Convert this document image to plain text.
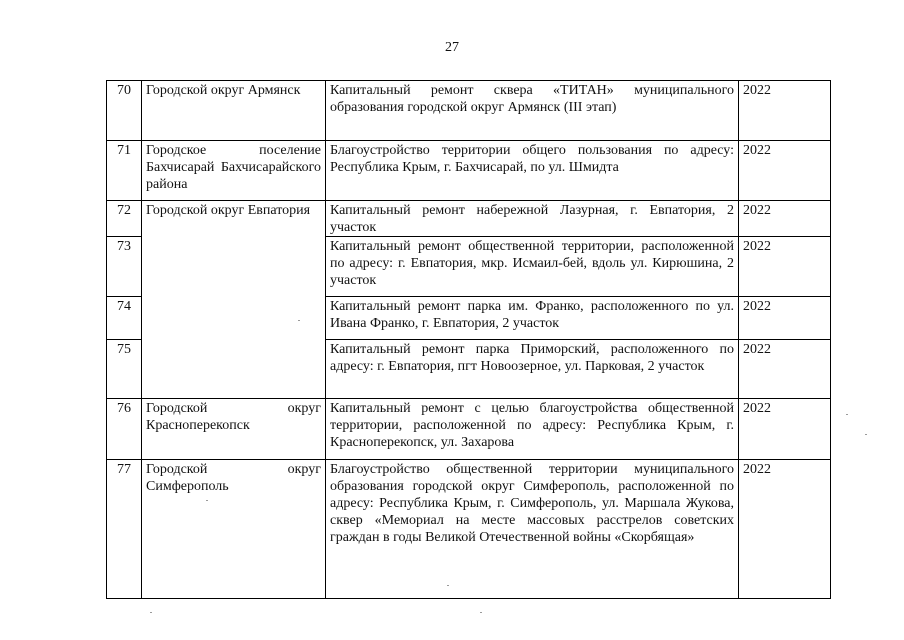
27
70	Городской округ Армянск	Капитальный ремонт сквера «ТИТАН» муниципального образования городской округ Армянск (III этап)	2022
71	Городское поселение Бахчисарай Бахчисарайского района	Благоустройство территории общего пользования по адресу: Республика Крым, г. Бахчисарай, по ул. Шмидта	2022
72	Городской округ Евпатория	Капитальный ремонт набережной Лазурная, г. Евпатория, 2 участок	2022
73		Капитальный ремонт общественной территории, расположенной по адресу: г. Евпатория, мкр. Исмаил-бей, вдоль ул. Кирюшина, 2 участок	2022
74		Капитальный ремонт парка им. Франко, расположенного по ул. Ивана Франко, г. Евпатория, 2 участок	2022
75		Капитальный ремонт парка Приморский, расположенного по адресу: г. Евпатория, пгт Новоозерное, ул. Парковая, 2 участок	2022
76	Городской округ Красноперекопск	Капитальный ремонт с целью благоустройства общественной территории, расположенной по адресу: Республика Крым, г. Красноперекопск, ул. Захарова	2022
77	Городской округ Симферополь	Благоустройство общественной территории муниципального образования городской округ Симферополь, расположенной по адресу: Республика Крым, г. Симферополь, ул. Маршала Жукова, сквер «Мемориал на месте массовых расстрелов советских граждан в годы Великой Отечественной войны «Скорбящая»	2022
